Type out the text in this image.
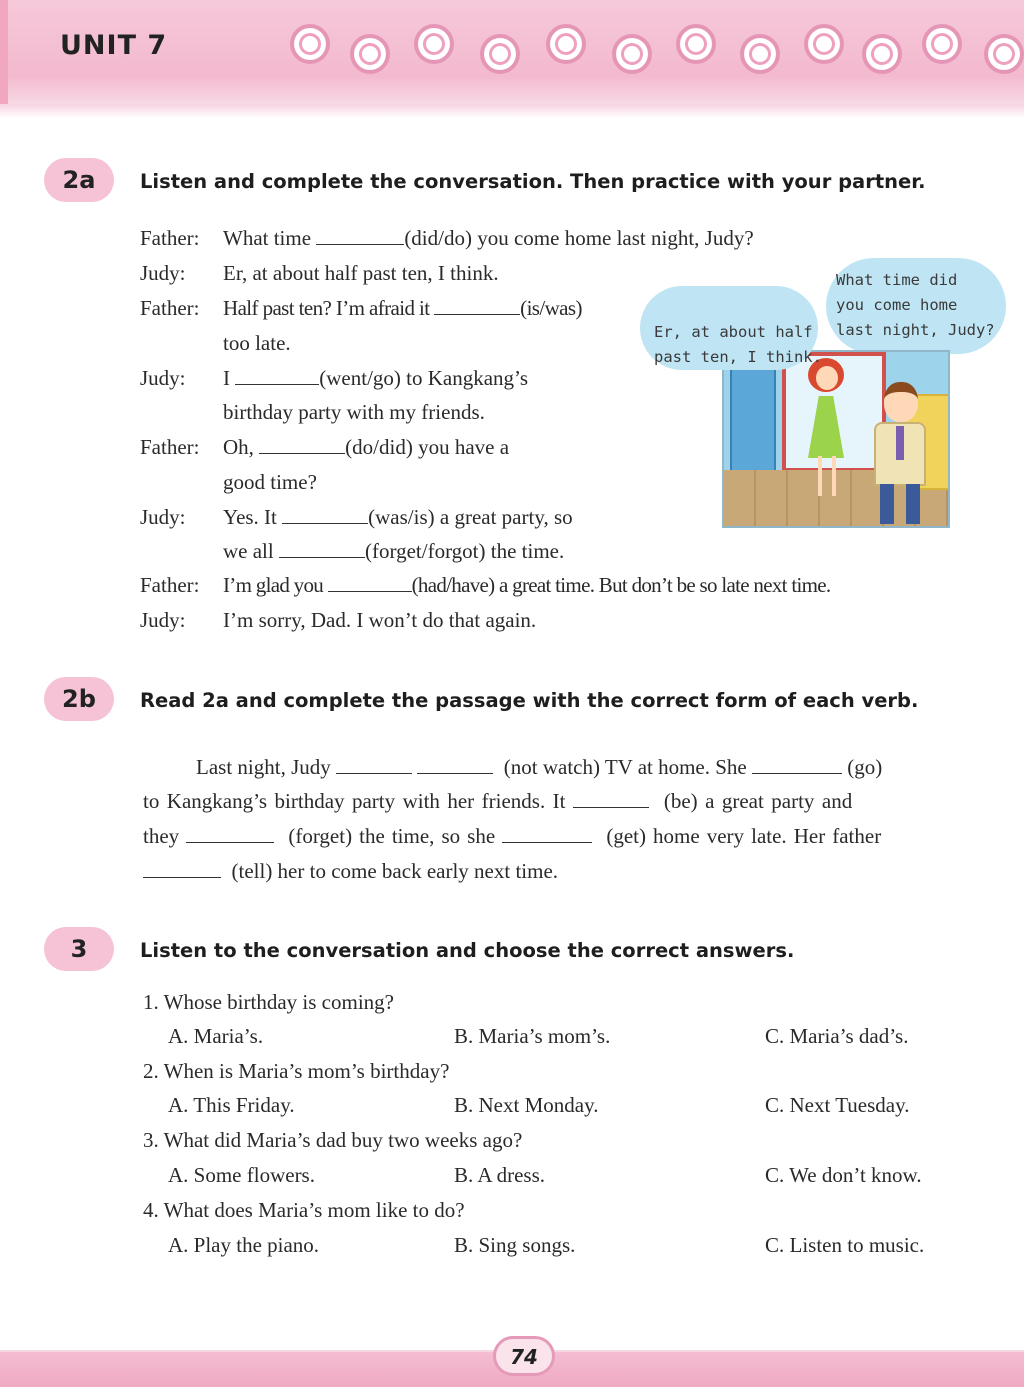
UNIT 7
2a	Listen and complete the conversation. Then practice with your partner.
Father: What time	(did/do) you come home last night, Judy?
Judy: Er, at about half past ten, I think.
Father: Half past ten? I’m afraid it	(is/was)
too late.
Judy: I	(went/go) to Kangkang’s
birthday party with my friends.
Father: Oh,	(do/did) you have a
good time?
Judy: Yes. It	(was/is) a great party, so
we all	(forget/forgot) the time.
Father: I’m glad you	(had/have) a great time. But don’t be so late next time.
Judy: I’m sorry, Dad. I won’t do that again.
What time did
you come home
last night, Judy?
Er, at about half
past ten, I think.
2b	Read 2a and complete the passage with the correct form of each verb.
Last night, Judy	(not watch) TV at home. She	(go)
to Kangkang’s birthday party with her friends. It	(be) a great party and
they	(forget) the time, so she	(get) home very late. Her father
(tell) her to come back early next time.
3	Listen to the conversation and choose the correct answers.
1. Whose birthday is coming?
A. Maria’s.	B. Maria’s mom’s.	C. Maria’s dad’s.
2. When is Maria’s mom’s birthday?
A. This Friday.	B. Next Monday.	C. Next Tuesday.
3. What did Maria’s dad buy two weeks ago?
A. Some flowers.	B. A dress.	C. We don’t know.
4. What does Maria’s mom like to do?
A. Play the piano.	B. Sing songs.	C. Listen to music.
74
